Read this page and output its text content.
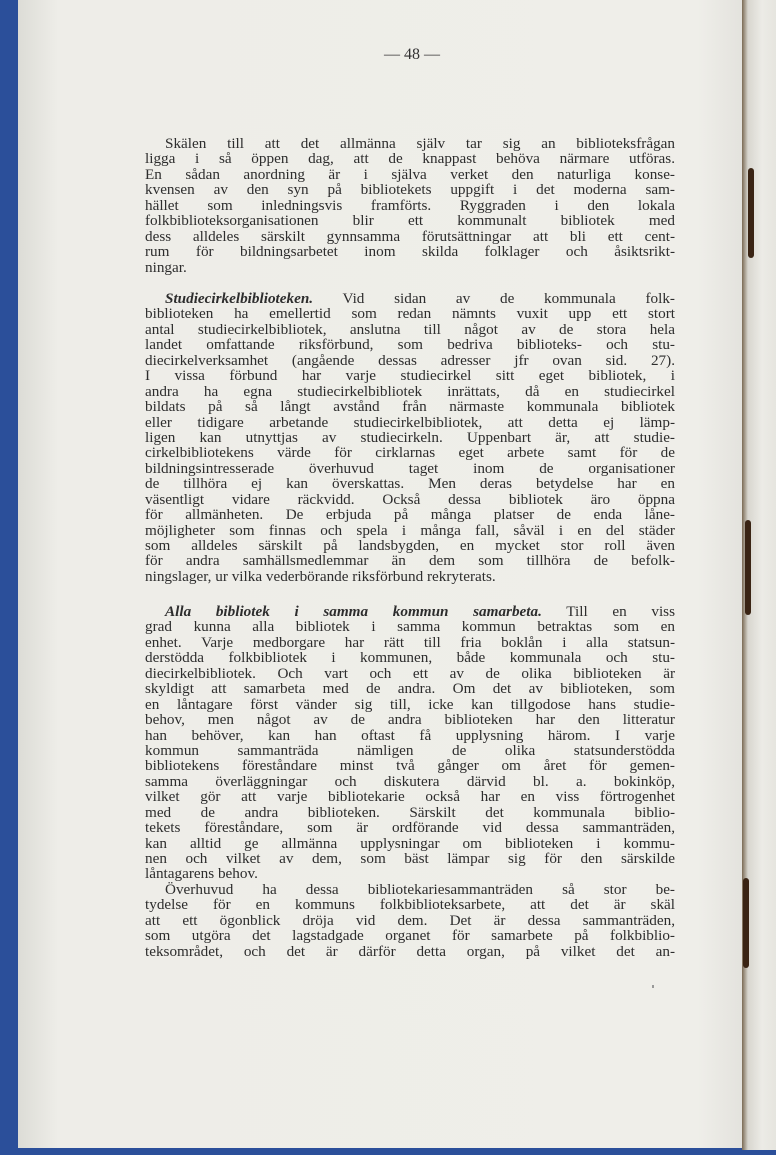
— 48 —
Skälen till att det allmänna själv tar sig an biblioteksfrågan
ligga i så öppen dag, att de knappast behöva närmare utföras.
En sådan anordning är i själva verket den naturliga konse-
kvensen av den syn på bibliotekets uppgift i det moderna sam-
hället som inledningsvis framförts. Ryggraden i den lokala
folkbiblioteksorganisationen blir ett kommunalt bibliotek med
dess alldeles särskilt gynnsamma förutsättningar att bli ett cent-
rum för bildningsarbetet inom skilda folklager och åsiktsrikt-
ningar.
Studiecirkelbiblioteken. Vid sidan av de kommunala folk-
biblioteken ha emellertid som redan nämnts vuxit upp ett stort
antal studiecirkelbibliotek, anslutna till något av de stora hela
landet omfattande riksförbund, som bedriva biblioteks- och stu-
diecirkelverksamhet (angående dessas adresser jfr ovan sid. 27).
I vissa förbund har varje studiecirkel sitt eget bibliotek, i
andra ha egna studiecirkelbibliotek inrättats, då en studiecirkel
bildats på så långt avstånd från närmaste kommunala bibliotek
eller tidigare arbetande studiecirkelbibliotek, att detta ej lämp-
ligen kan utnyttjas av studiecirkeln. Uppenbart är, att studie-
cirkelbibliotekens värde för cirklarnas eget arbete samt för de
bildningsintresserade överhuvud taget inom de organisationer
de tillhöra ej kan överskattas. Men deras betydelse har en
väsentligt vidare räckvidd. Också dessa bibliotek äro öppna
för allmänheten. De erbjuda på många platser de enda låne-
möjligheter som finnas och spela i många fall, såväl i en del städer
som alldeles särskilt på landsbygden, en mycket stor roll även
för andra samhällsmedlemmar än dem som tillhöra de befolk-
ningslager, ur vilka vederbörande riksförbund rekryterats.
Alla bibliotek i samma kommun samarbeta. Till en viss
grad kunna alla bibliotek i samma kommun betraktas som en
enhet. Varje medborgare har rätt till fria boklån i alla statsun-
derstödda folkbibliotek i kommunen, både kommunala och stu-
diecirkelbibliotek. Och vart och ett av de olika biblioteken är
skyldigt att samarbeta med de andra. Om det av biblioteken, som
en låntagare först vänder sig till, icke kan tillgodose hans studie-
behov, men något av de andra biblioteken har den litteratur
han behöver, kan han oftast få upplysning härom. I varje
kommun sammanträda nämligen de olika statsunderstödda
bibliotekens föreståndare minst två gånger om året för gemen-
samma överläggningar och diskutera därvid bl. a. bokinköp,
vilket gör att varje bibliotekarie också har en viss förtrogenhet
med de andra biblioteken. Särskilt det kommunala biblio-
tekets föreståndare, som är ordförande vid dessa sammanträden,
kan alltid ge allmänna upplysningar om biblioteken i kommu-
nen och vilket av dem, som bäst lämpar sig för den särskilde
låntagarens behov.
Överhuvud ha dessa bibliotekariesammanträden så stor be-
tydelse för en kommuns folkbiblioteksarbete, att det är skäl
att ett ögonblick dröja vid dem. Det är dessa sammanträden,
som utgöra det lagstadgade organet för samarbete på folkbiblio-
teksområdet, och det är därför detta organ, på vilket det an-
